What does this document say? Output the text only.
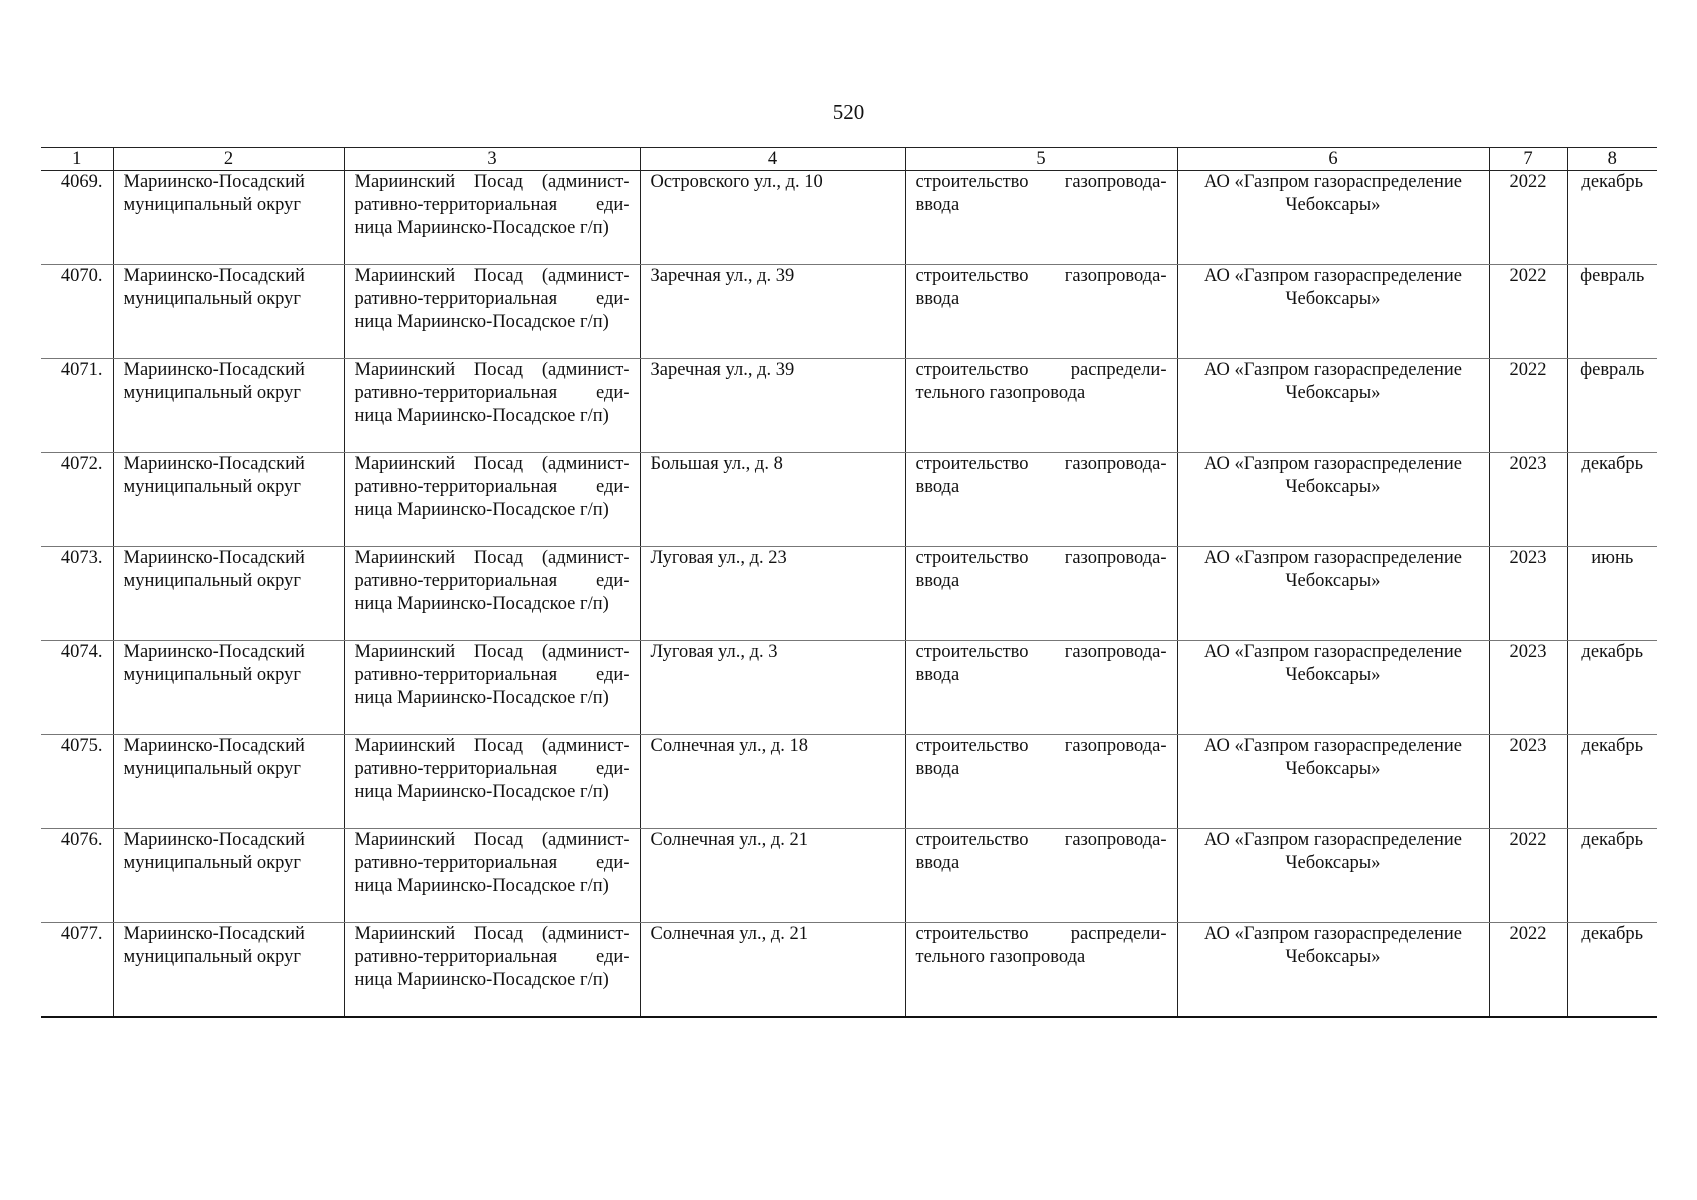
520
1	2	3	4	5	6	7	8
4069.	Мариинско-Посадский муниципальный округ	Мариинский Посад (админист-ративно-территориальная еди-ница Мариинско-Посадское г/п)	Островского ул., д. 10	строительство газопровода-ввода	АО «Газпром газораспределение Чебоксары»	2022	декабрь
4070.	Мариинско-Посадский муниципальный округ	Мариинский Посад (админист-ративно-территориальная еди-ница Мариинско-Посадское г/п)	Заречная ул., д. 39	строительство газопровода-ввода	АО «Газпром газораспределение Чебоксары»	2022	февраль
4071.	Мариинско-Посадский муниципальный округ	Мариинский Посад (админист-ративно-территориальная еди-ница Мариинско-Посадское г/п)	Заречная ул., д. 39	строительство распредели-тельного газопровода	АО «Газпром газораспределение Чебоксары»	2022	февраль
4072.	Мариинско-Посадский муниципальный округ	Мариинский Посад (админист-ративно-территориальная еди-ница Мариинско-Посадское г/п)	Большая ул., д. 8	строительство газопровода-ввода	АО «Газпром газораспределение Чебоксары»	2023	декабрь
4073.	Мариинско-Посадский муниципальный округ	Мариинский Посад (админист-ративно-территориальная еди-ница Мариинско-Посадское г/п)	Луговая ул., д. 23	строительство газопровода-ввода	АО «Газпром газораспределение Чебоксары»	2023	июнь
4074.	Мариинско-Посадский муниципальный округ	Мариинский Посад (админист-ративно-территориальная еди-ница Мариинско-Посадское г/п)	Луговая ул., д. 3	строительство газопровода-ввода	АО «Газпром газораспределение Чебоксары»	2023	декабрь
4075.	Мариинско-Посадский муниципальный округ	Мариинский Посад (админист-ративно-территориальная еди-ница Мариинско-Посадское г/п)	Солнечная ул., д. 18	строительство газопровода-ввода	АО «Газпром газораспределение Чебоксары»	2023	декабрь
4076.	Мариинско-Посадский муниципальный округ	Мариинский Посад (админист-ративно-территориальная еди-ница Мариинско-Посадское г/п)	Солнечная ул., д. 21	строительство газопровода-ввода	АО «Газпром газораспределение Чебоксары»	2022	декабрь
4077.	Мариинско-Посадский муниципальный округ	Мариинский Посад (админист-ративно-территориальная еди-ница Мариинско-Посадское г/п)	Солнечная ул., д. 21	строительство распредели-тельного газопровода	АО «Газпром газораспределение Чебоксары»	2022	декабрь
